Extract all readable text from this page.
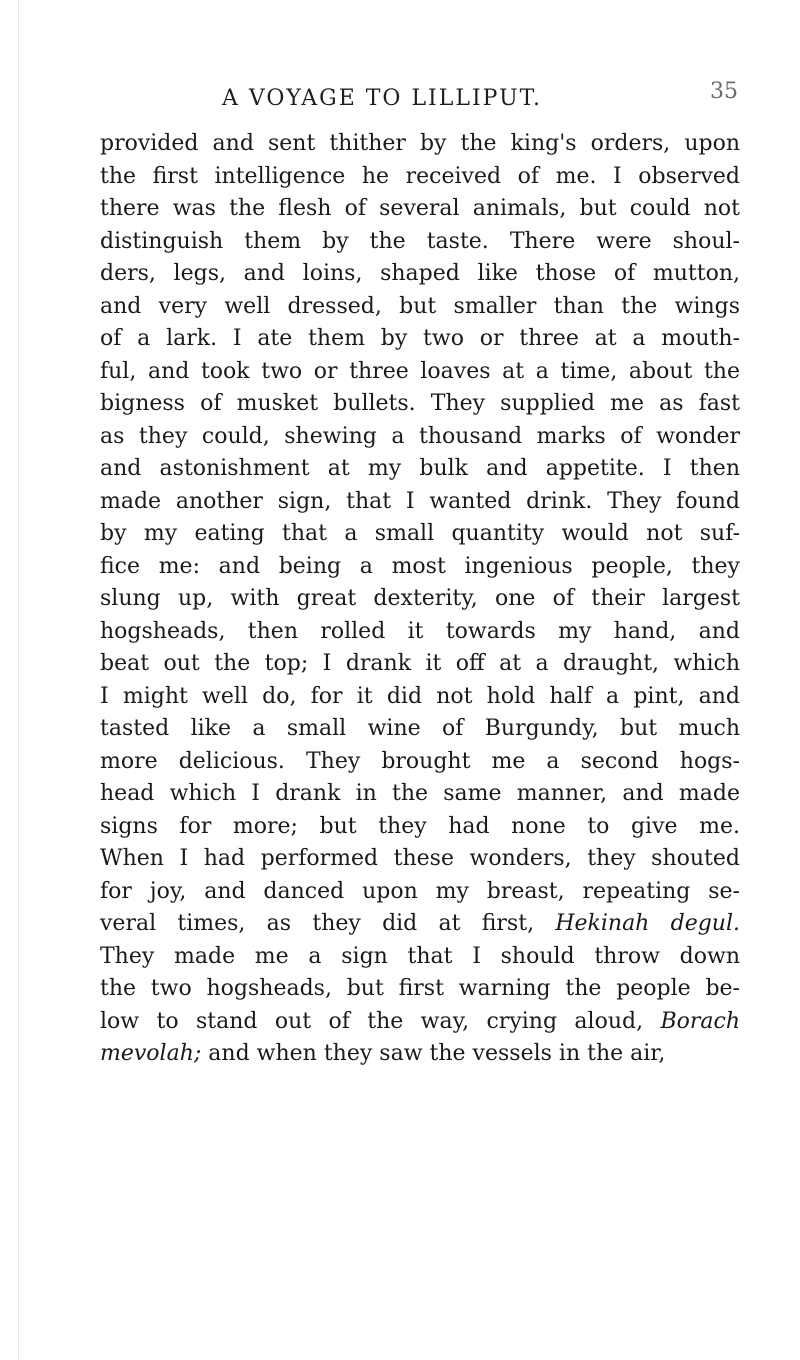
A VOYAGE TO LILLIPUT.	35
provided and sent thither by the king's orders, upon
the first intelligence he received of me. I observed
there was the flesh of several animals, but could not
distinguish them by the taste. There were shoul-
ders, legs, and loins, shaped like those of mutton,
and very well dressed, but smaller than the wings
of a lark. I ate them by two or three at a mouth-
ful, and took two or three loaves at a time, about the
bigness of musket bullets. They supplied me as fast
as they could, shewing a thousand marks of wonder
and astonishment at my bulk and appetite. I then
made another sign, that I wanted drink. They found
by my eating that a small quantity would not suf-
fice me: and being a most ingenious people, they
slung up, with great dexterity, one of their largest
hogsheads, then rolled it towards my hand, and
beat out the top; I drank it off at a draught, which
I might well do, for it did not hold half a pint, and
tasted like a small wine of Burgundy, but much
more delicious. They brought me a second hogs-
head which I drank in the same manner, and made
signs for more; but they had none to give me.
When I had performed these wonders, they shouted
for joy, and danced upon my breast, repeating se-
veral times, as they did at first, Hekinah degul.
They made me a sign that I should throw down
the two hogsheads, but first warning the people be-
low to stand out of the way, crying aloud, Borach
mevolah; and when they saw the vessels in the air,
